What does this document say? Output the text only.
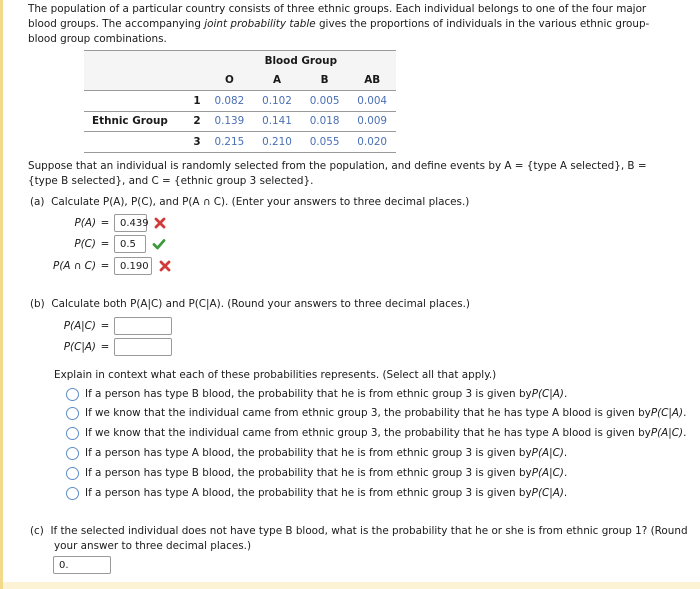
The population of a particular country consists of three ethnic groups. Each individual belongs to one of the four major blood groups. The accompanying joint probability table gives the proportions of individuals in the various ethnic group-blood group combinations.
		Blood Group			
		O	A	B	AB
	1	0.082	0.102	0.005	0.004
Ethnic Group	2	0.139	0.141	0.018	0.009
	3	0.215	0.210	0.055	0.020
Suppose that an individual is randomly selected from the population, and define events by A = {type A selected}, B = {type B selected}, and C = {ethnic group 3 selected}.
(a) Calculate P(A), P(C), and P(A ∩ C). (Enter your answers to three decimal places.)
P(A) =	0.439
P(C) =	0.5
P(A ∩ C) =	0.190
(b) Calculate both P(A|C) and P(C|A). (Round your answers to three decimal places.)
P(A|C) =
P(C|A) =
Explain in context what each of these probabilities represents. (Select all that apply.)
If a person has type B blood, the probability that he is from ethnic group 3 is given by P(C|A) .
If we know that the individual came from ethnic group 3, the probability that he has type A blood is given by P(C|A) .
If we know that the individual came from ethnic group 3, the probability that he has type A blood is given by P(A|C) .
If a person has type A blood, the probability that he is from ethnic group 3 is given by P(A|C) .
If a person has type B blood, the probability that he is from ethnic group 3 is given by P(A|C) .
If a person has type A blood, the probability that he is from ethnic group 3 is given by P(C|A) .
(c) If the selected individual does not have type B blood, what is the probability that he or she is from ethnic group 1? (Round
your answer to three decimal places.)
0.
